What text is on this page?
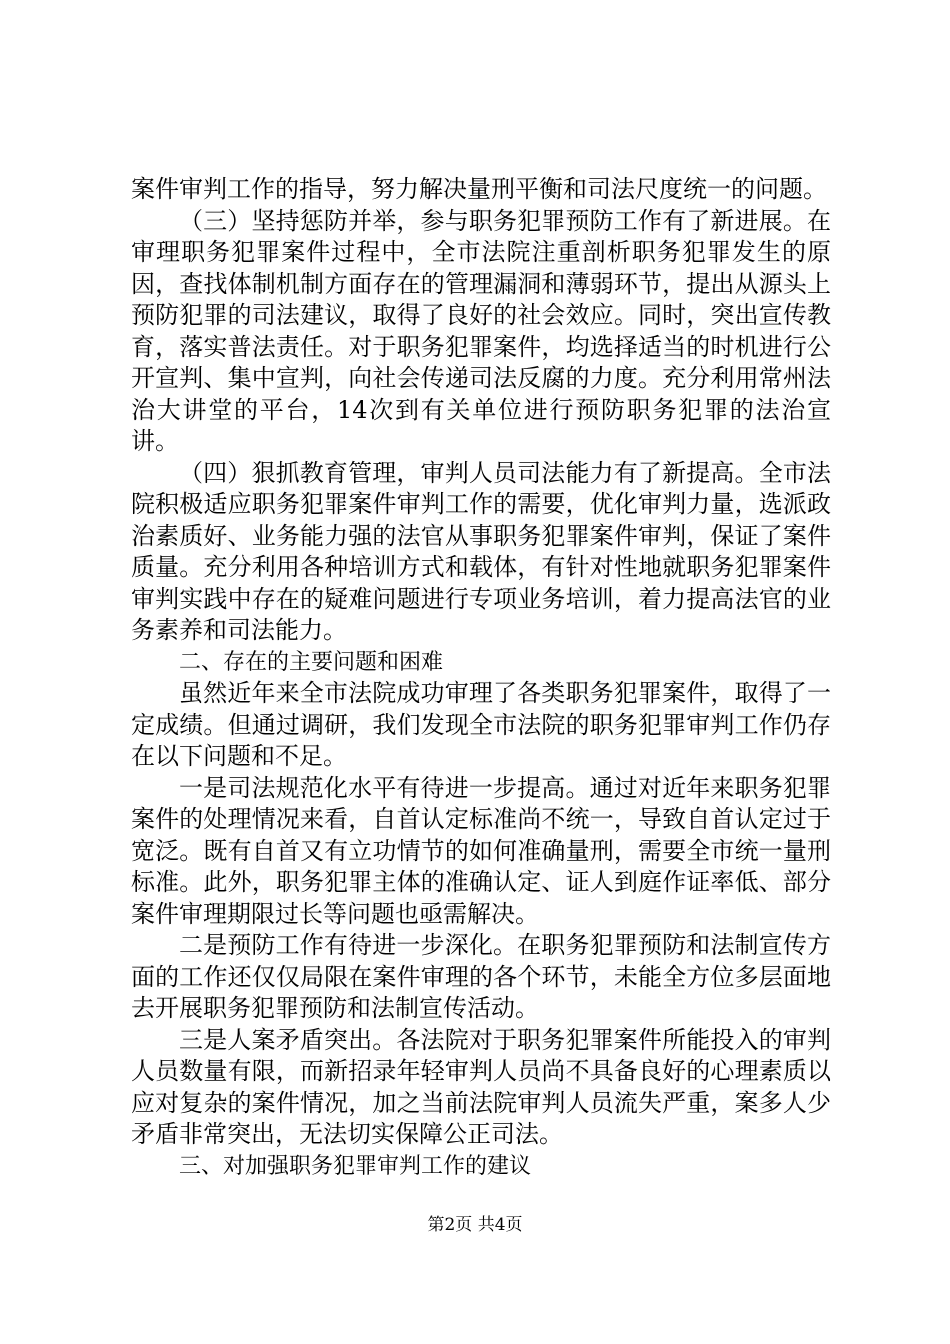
案件审判工作的指导，努力解决量刑平衡和司法尺度统一的问题。

（三）坚持惩防并举，参与职务犯罪预防工作有了新进展。在审理职务犯罪案件过程中，全市法院注重剖析职务犯罪发生的原因，查找体制机制方面存在的管理漏洞和薄弱环节，提出从源头上预防犯罪的司法建议，取得了良好的社会效应。同时，突出宣传教育，落实普法责任。对于职务犯罪案件，均选择适当的时机进行公开宣判、集中宣判，向社会传递司法反腐的力度。充分利用常州法治大讲堂的平台，14次到有关单位进行预防职务犯罪的法治宣讲。

（四）狠抓教育管理，审判人员司法能力有了新提高。全市法院积极适应职务犯罪案件审判工作的需要，优化审判力量，选派政治素质好、业务能力强的法官从事职务犯罪案件审判，保证了案件质量。充分利用各种培训方式和载体，有针对性地就职务犯罪案件审判实践中存在的疑难问题进行专项业务培训，着力提高法官的业务素养和司法能力。

二、存在的主要问题和困难

虽然近年来全市法院成功审理了各类职务犯罪案件，取得了一定成绩。但通过调研，我们发现全市法院的职务犯罪审判工作仍存在以下问题和不足。

一是司法规范化水平有待进一步提高。通过对近年来职务犯罪案件的处理情况来看，自首认定标准尚不统一，导致自首认定过于宽泛。既有自首又有立功情节的如何准确量刑，需要全市统一量刑标准。此外，职务犯罪主体的准确认定、证人到庭作证率低、部分案件审理期限过长等问题也亟需解决。

二是预防工作有待进一步深化。在职务犯罪预防和法制宣传方面的工作还仅仅局限在案件审理的各个环节，未能全方位多层面地去开展职务犯罪预防和法制宣传活动。

三是人案矛盾突出。各法院对于职务犯罪案件所能投入的审判人员数量有限，而新招录年轻审判人员尚不具备良好的心理素质以应对复杂的案件情况，加之当前法院审判人员流失严重，案多人少矛盾非常突出，无法切实保障公正司法。

三、对加强职务犯罪审判工作的建议

第2页 共4页
